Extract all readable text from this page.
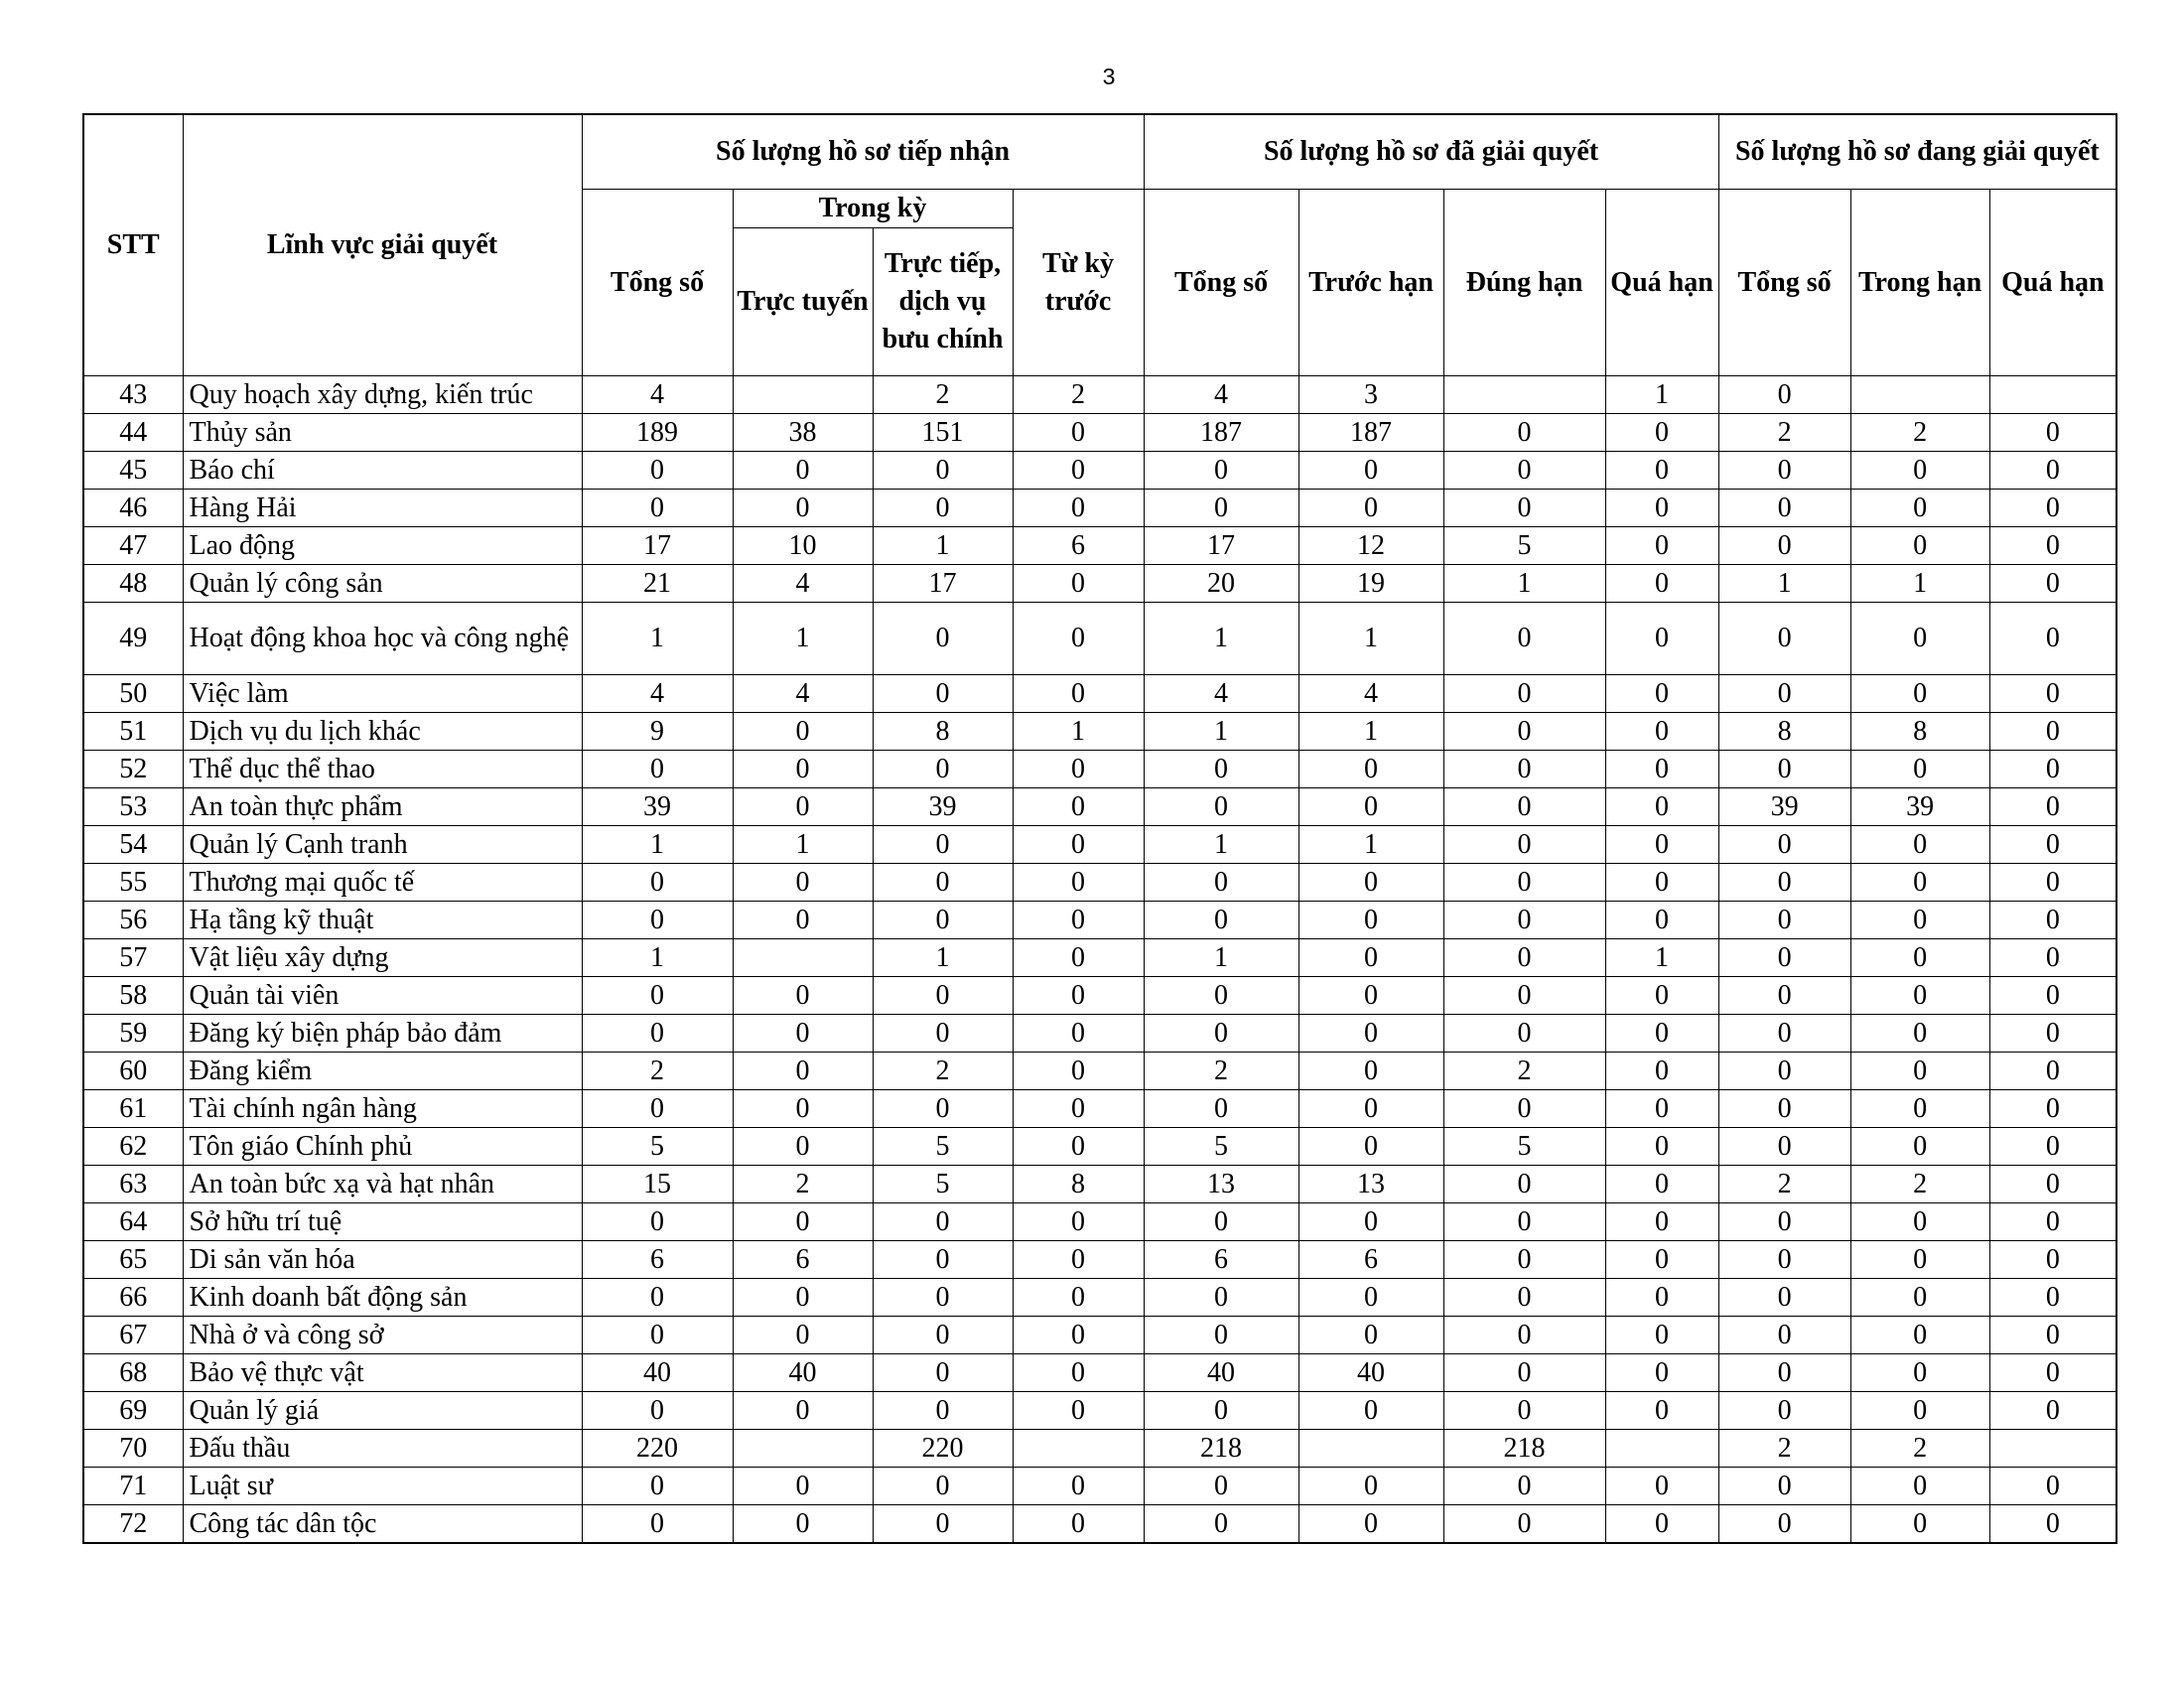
3
STT	Lĩnh vực giải quyết	Số lượng hồ sơ tiếp nhận				Số lượng hồ sơ đã giải quyết				Số lượng hồ sơ đang giải quyết		
		Tổng số	Trong kỳ		Từ kỳ trước	Tổng số	Trước hạn	Đúng hạn	Quá hạn	Tổng số	Trong hạn	Quá hạn
			Trực tuyến	Trực tiếp, dịch vụ bưu chính								
43	Quy hoạch xây dựng, kiến trúc	4		2	2	4	3		1	0		
44	Thủy sản	189	38	151	0	187	187	0	0	2	2	0
45	Báo chí	0	0	0	0	0	0	0	0	0	0	0
46	Hàng Hải	0	0	0	0	0	0	0	0	0	0	0
47	Lao động	17	10	1	6	17	12	5	0	0	0	0
48	Quản lý công sản	21	4	17	0	20	19	1	0	1	1	0
49	Hoạt động khoa học và công nghệ	1	1	0	0	1	1	0	0	0	0	0
50	Việc làm	4	4	0	0	4	4	0	0	0	0	0
51	Dịch vụ du lịch khác	9	0	8	1	1	1	0	0	8	8	0
52	Thể dục thể thao	0	0	0	0	0	0	0	0	0	0	0
53	An toàn thực phẩm	39	0	39	0	0	0	0	0	39	39	0
54	Quản lý Cạnh tranh	1	1	0	0	1	1	0	0	0	0	0
55	Thương mại quốc tế	0	0	0	0	0	0	0	0	0	0	0
56	Hạ tầng kỹ thuật	0	0	0	0	0	0	0	0	0	0	0
57	Vật liệu xây dựng	1		1	0	1	0	0	1	0	0	0
58	Quản tài viên	0	0	0	0	0	0	0	0	0	0	0
59	Đăng ký biện pháp bảo đảm	0	0	0	0	0	0	0	0	0	0	0
60	Đăng kiểm	2	0	2	0	2	0	2	0	0	0	0
61	Tài chính ngân hàng	0	0	0	0	0	0	0	0	0	0	0
62	Tôn giáo Chính phủ	5	0	5	0	5	0	5	0	0	0	0
63	An toàn bức xạ và hạt nhân	15	2	5	8	13	13	0	0	2	2	0
64	Sở hữu trí tuệ	0	0	0	0	0	0	0	0	0	0	0
65	Di sản văn hóa	6	6	0	0	6	6	0	0	0	0	0
66	Kinh doanh bất động sản	0	0	0	0	0	0	0	0	0	0	0
67	Nhà ở và công sở	0	0	0	0	0	0	0	0	0	0	0
68	Bảo vệ thực vật	40	40	0	0	40	40	0	0	0	0	0
69	Quản lý giá	0	0	0	0	0	0	0	0	0	0	0
70	Đấu thầu	220		220		218		218		2	2	
71	Luật sư	0	0	0	0	0	0	0	0	0	0	0
72	Công tác dân tộc	0	0	0	0	0	0	0	0	0	0	0
